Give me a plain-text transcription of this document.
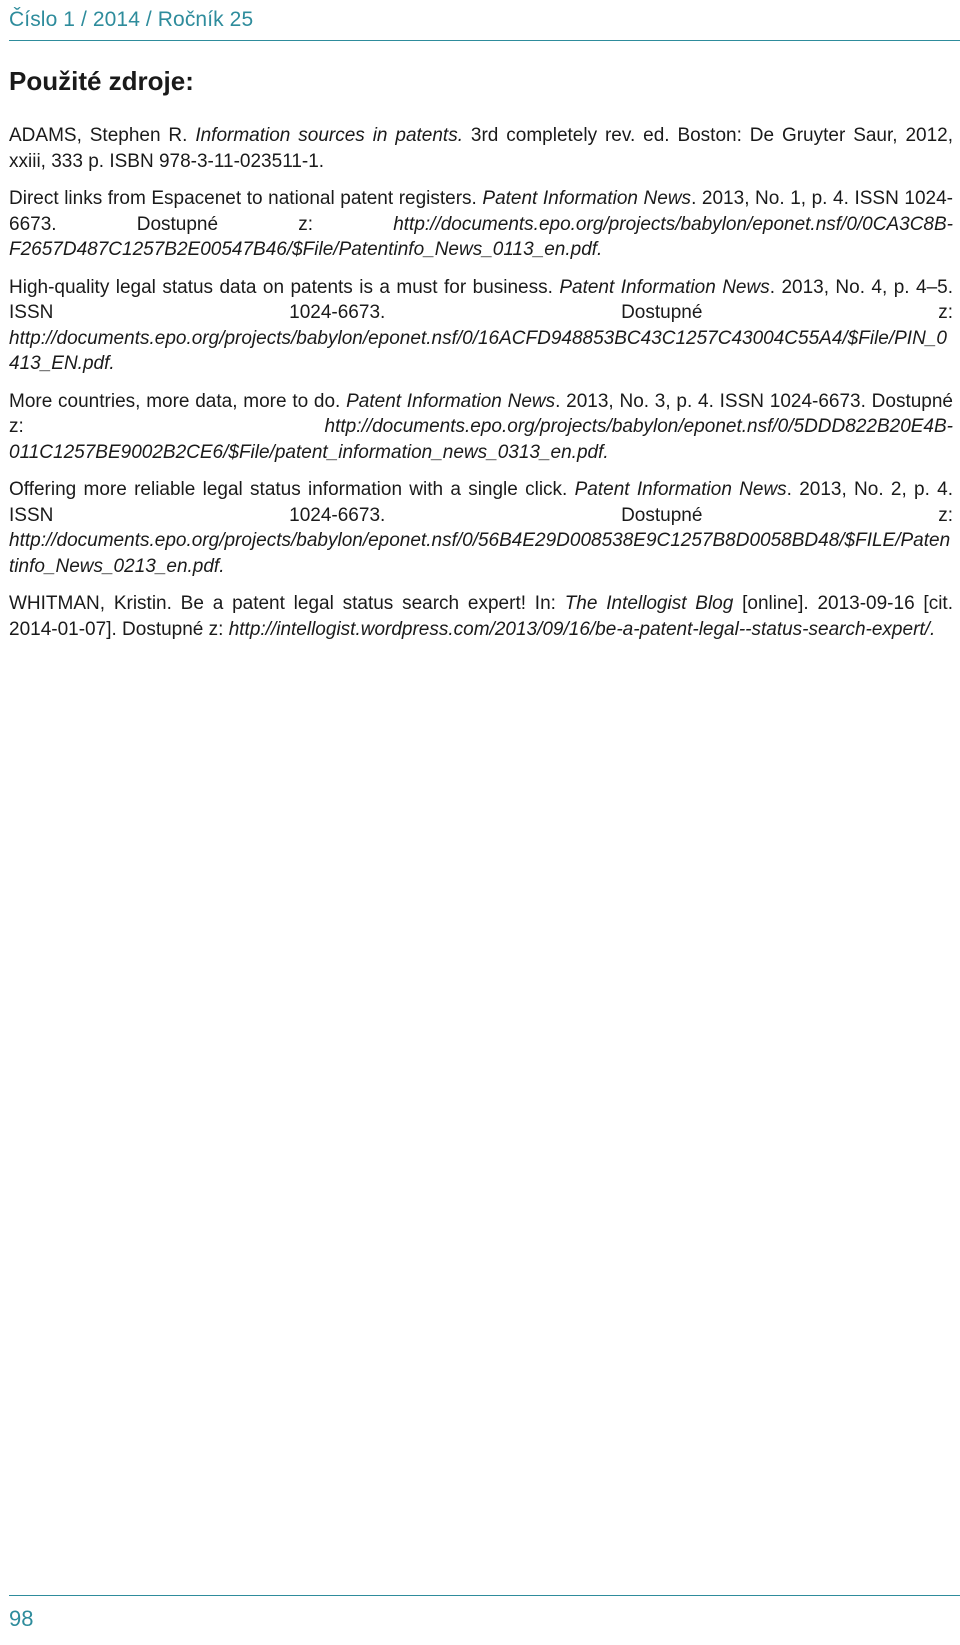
Číslo 1 / 2014 / Ročník 25
Použité zdroje:

ADAMS, Stephen R. Information sources in patents. 3rd completely rev. ed. Boston: De Gruyter Saur, 2012, xxiii, 333 p. ISBN 978-3-11-023511-1.

Direct links from Espacenet to national patent registers. Patent Information News. 2013, No. 1, p. 4. ISSN 1024-6673. Dostupné z: http://documents.epo.org/projects/babylon/eponet.nsf/0/0CA3C8B-F2657D487C1257B2E00547B46/$File/Patentinfo_News_0113_en.pdf.

High-quality legal status data on patents is a must for business. Patent Information News. 2013, No. 4, p. 4–5. ISSN 1024-6673. Dostupné z: http://documents.epo.org/projects/babylon/eponet.nsf/0/16ACFD948853BC43C1257C43004C55A4/$File/PIN_0413_EN.pdf.

More countries, more data, more to do. Patent Information News. 2013, No. 3, p. 4. ISSN 1024-6673. Dostupné z: http://documents.epo.org/projects/babylon/eponet.nsf/0/5DDD822B20E4B-011C1257BE9002B2CE6/$File/patent_information_news_0313_en.pdf.

Offering more reliable legal status information with a single click. Patent Information News. 2013, No. 2, p. 4. ISSN 1024-6673. Dostupné z: http://documents.epo.org/projects/babylon/eponet.nsf/0/56B4E29D008538E9C1257B8D0058BD48/$FILE/Patentinfo_News_0213_en.pdf.

WHITMAN, Kristin. Be a patent legal status search expert! In: The Intellogist Blog [online]. 2013-09-16 [cit. 2014-01-07]. Dostupné z: http://intellogist.wordpress.com/2013/09/16/be-a-patent-legal--status-search-expert/.

98
